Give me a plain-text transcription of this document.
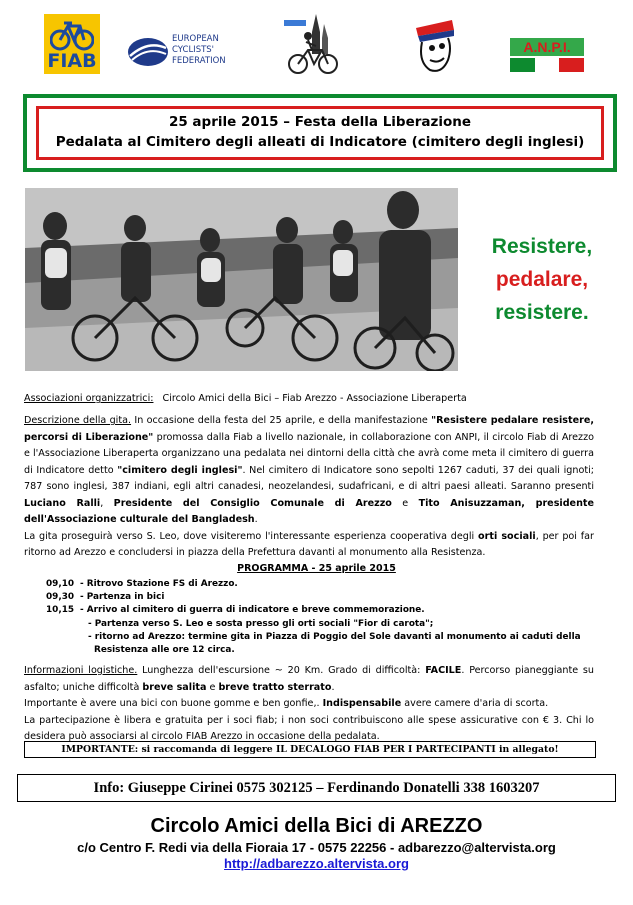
FIAB
EUROPEAN
CYCLISTS'
FEDERATION
A.N.P.I.
25 aprile 2015 – Festa della Liberazione
Pedalata al Cimitero degli alleati di Indicatore (cimitero degli inglesi)
Resistere,
pedalare,
resistere.
Associazioni organizzatrici: Circolo Amici della Bici – Fiab Arezzo - Associazione Liberaperta
Descrizione della gita. In occasione della festa del 25 aprile, e della manifestazione "Resistere pedalare resistere, percorsi di Liberazione" promossa dalla Fiab a livello nazionale, in collaborazione con ANPI, il circolo Fiab di Arezzo e l'Associazione Liberaperta organizzano una pedalata nei dintorni della città che avrà come meta il cimitero di guerra di Indicatore detto "cimitero degli inglesi". Nel cimitero di Indicatore sono sepolti 1267 caduti, 37 dei quali ignoti; 787 sono inglesi, 387 indiani, egli altri canadesi, neozelandesi, sudafricani, e di altri paesi alleati. Saranno presenti Luciano Ralli, Presidente del Consiglio Comunale di Arezzo e Tito Anisuzzaman, presidente dell'Associazione culturale del Bangladesh.
La gita proseguirà verso S. Leo, dove visiteremo l'interessante esperienza cooperativa degli orti sociali, per poi far ritorno ad Arezzo e concludersi in piazza della Prefettura davanti al monumento alla Resistenza.
PROGRAMMA - 25 aprile 2015
09,10 - Ritrovo Stazione FS di Arezzo.
09,30 - Partenza in bici
10,15 - Arrivo al cimitero di guerra di indicatore e breve commemorazione.
- Partenza verso S. Leo e sosta presso gli orti sociali "Fior di carota";
- ritorno ad Arezzo: termine gita in Piazza di Poggio del Sole davanti al monumento ai caduti della
Resistenza alle ore 12 circa.
Informazioni logistiche. Lunghezza dell'escursione ~ 20 Km. Grado di difficoltà: FACILE. Percorso pianeggiante su asfalto; uniche difficoltà breve salita e breve tratto sterrato.
Importante è avere una bici con buone gomme e ben gonfie,. Indispensabile avere camere d'aria di scorta.
La partecipazione è libera e gratuita per i soci fiab; i non soci contribuiscono alle spese assicurative con € 3. Chi lo desidera può associarsi al circolo FIAB Arezzo in occasione della pedalata.
IMPORTANTE: si raccomanda di leggere IL DECALOGO FIAB PER I PARTECIPANTI in allegato!
Info: Giuseppe Cirinei 0575 302125 – Ferdinando Donatelli 338 1603207
Circolo Amici della Bici di AREZZO
c/o Centro F. Redi via della Fioraia 17 - 0575 22256 - adbarezzo@altervista.org
http://adbarezzo.altervista.org
